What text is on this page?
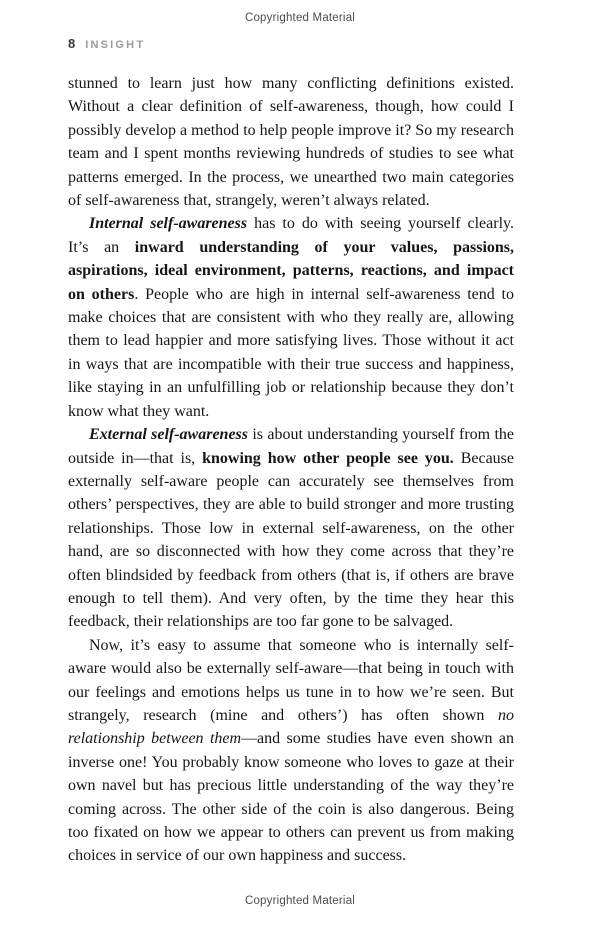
Copyrighted Material
8 INSIGHT

stunned to learn just how many conflicting definitions existed. Without a clear definition of self-awareness, though, how could I possibly develop a method to help people improve it? So my research team and I spent months reviewing hundreds of studies to see what patterns emerged. In the process, we unearthed two main categories of self-awareness that, strangely, weren’t always related.

Internal self-awareness has to do with seeing yourself clearly. It’s an inward understanding of your values, passions, aspirations, ideal environment, patterns, reactions, and impact on others. People who are high in internal self-awareness tend to make choices that are consistent with who they really are, allowing them to lead happier and more satisfying lives. Those without it act in ways that are incompatible with their true success and happiness, like staying in an unfulfilling job or relationship because they don’t know what they want.

External self-awareness is about understanding yourself from the outside in—that is, knowing how other people see you. Because externally self-aware people can accurately see themselves from others’ perspectives, they are able to build stronger and more trusting relationships. Those low in external self-awareness, on the other hand, are so disconnected with how they come across that they’re often blindsided by feedback from others (that is, if others are brave enough to tell them). And very often, by the time they hear this feedback, their relationships are too far gone to be salvaged.

Now, it’s easy to assume that someone who is internally self-aware would also be externally self-aware—that being in touch with our feelings and emotions helps us tune in to how we’re seen. But strangely, research (mine and others’) has often shown no relationship between them—and some studies have even shown an inverse one! You probably know someone who loves to gaze at their own navel but has precious little understanding of the way they’re coming across. The other side of the coin is also dangerous. Being too fixated on how we appear to others can prevent us from making choices in service of our own happiness and success.

Copyrighted Material
